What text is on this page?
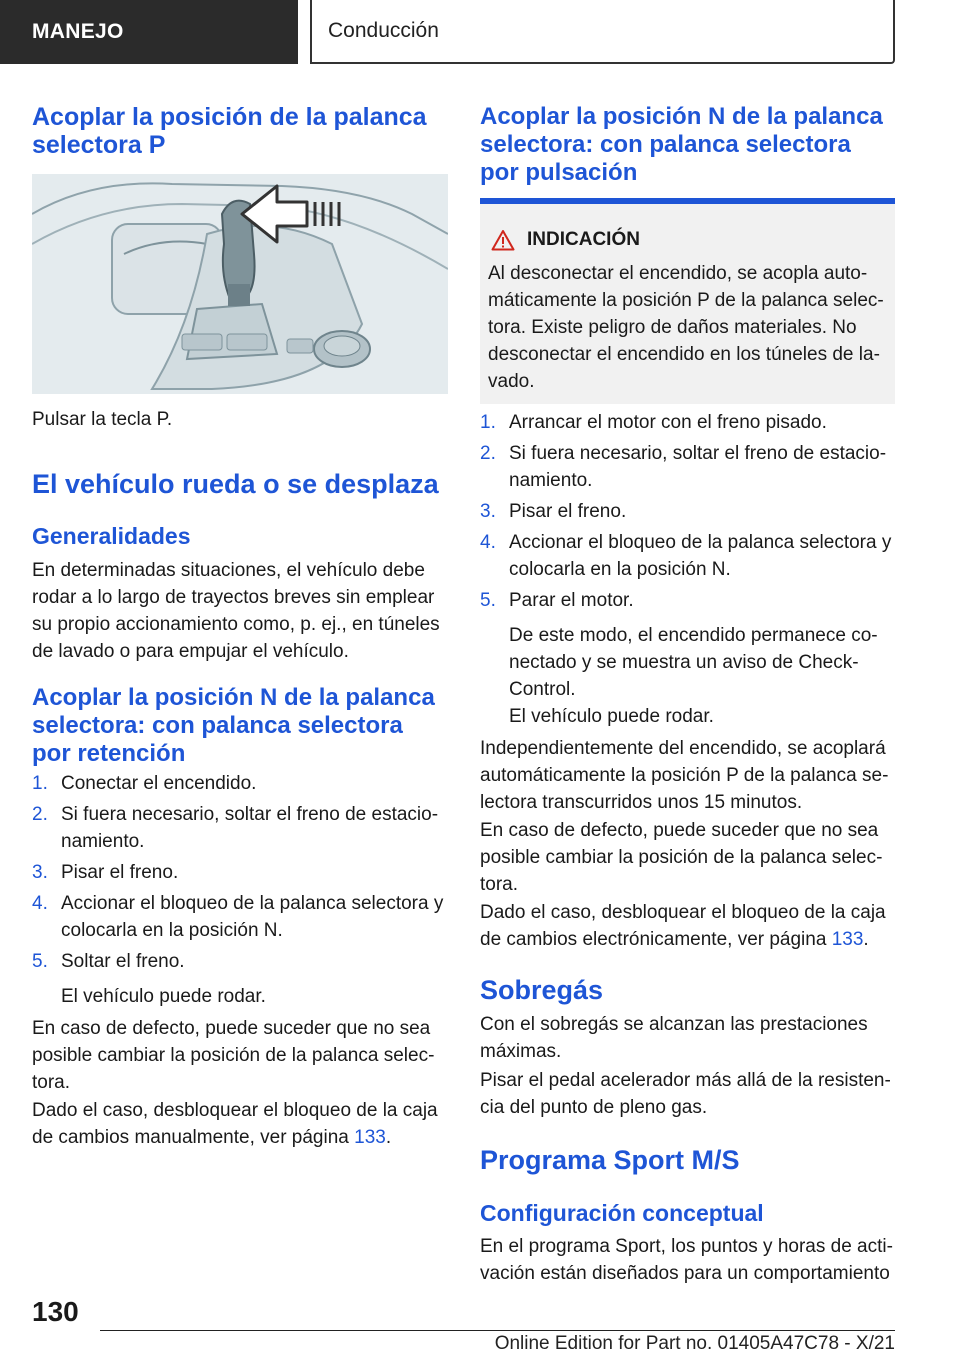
MANEJO	Conducción
Acoplar la posición de la palanca selectora P

Pulsar la tecla P.

El vehículo rueda o se desplaza
Generalidades

En determinadas situaciones, el vehículo debe rodar a lo largo de trayectos breves sin emplear su propio accionamiento como, p. ej., en túneles de lavado o para empujar el vehículo.

Acoplar la posición N de la palanca selectora: con palanca selectora por retención
1. Conectar el encendido.
2. Si fuera necesario, soltar el freno de estacionamiento.
3. Pisar el freno.
4. Accionar el bloqueo de la palanca selectora y colocarla en la posición N.
5. Soltar el freno.

El vehículo puede rodar.

En caso de defecto, puede suceder que no sea posible cambiar la posición de la palanca selectora.

Dado el caso, desbloquear el bloqueo de la caja de cambios manualmente, ver página 133.

Acoplar la posición N de la palanca selectora: con palanca selectora por pulsación
INDICACIÓN
Al desconectar el encendido, se acopla automáticamente la posición P de la palanca selectora. Existe peligro de daños materiales. No desconectar el encendido en los túneles de lavado.
1. Arrancar el motor con el freno pisado.
2. Si fuera necesario, soltar el freno de estacionamiento.
3. Pisar el freno.
4. Accionar el bloqueo de la palanca selectora y colocarla en la posición N.
5. Parar el motor.

De este modo, el encendido permanece conectado y se muestra un aviso de Check-Control.

El vehículo puede rodar.

Independientemente del encendido, se acoplará automáticamente la posición P de la palanca selectora transcurridos unos 15 minutos.

En caso de defecto, puede suceder que no sea posible cambiar la posición de la palanca selectora.

Dado el caso, desbloquear el bloqueo de la caja de cambios electrónicamente, ver página 133.

Sobregás

Con el sobregás se alcanzan las prestaciones máximas.

Pisar el pedal acelerador más allá de la resistencia del punto de pleno gas.

Programa Sport M/S
Configuración conceptual

En el programa Sport, los puntos y horas de activación están diseñados para un comportamiento

130
Online Edition for Part no. 01405A47C78 - X/21
